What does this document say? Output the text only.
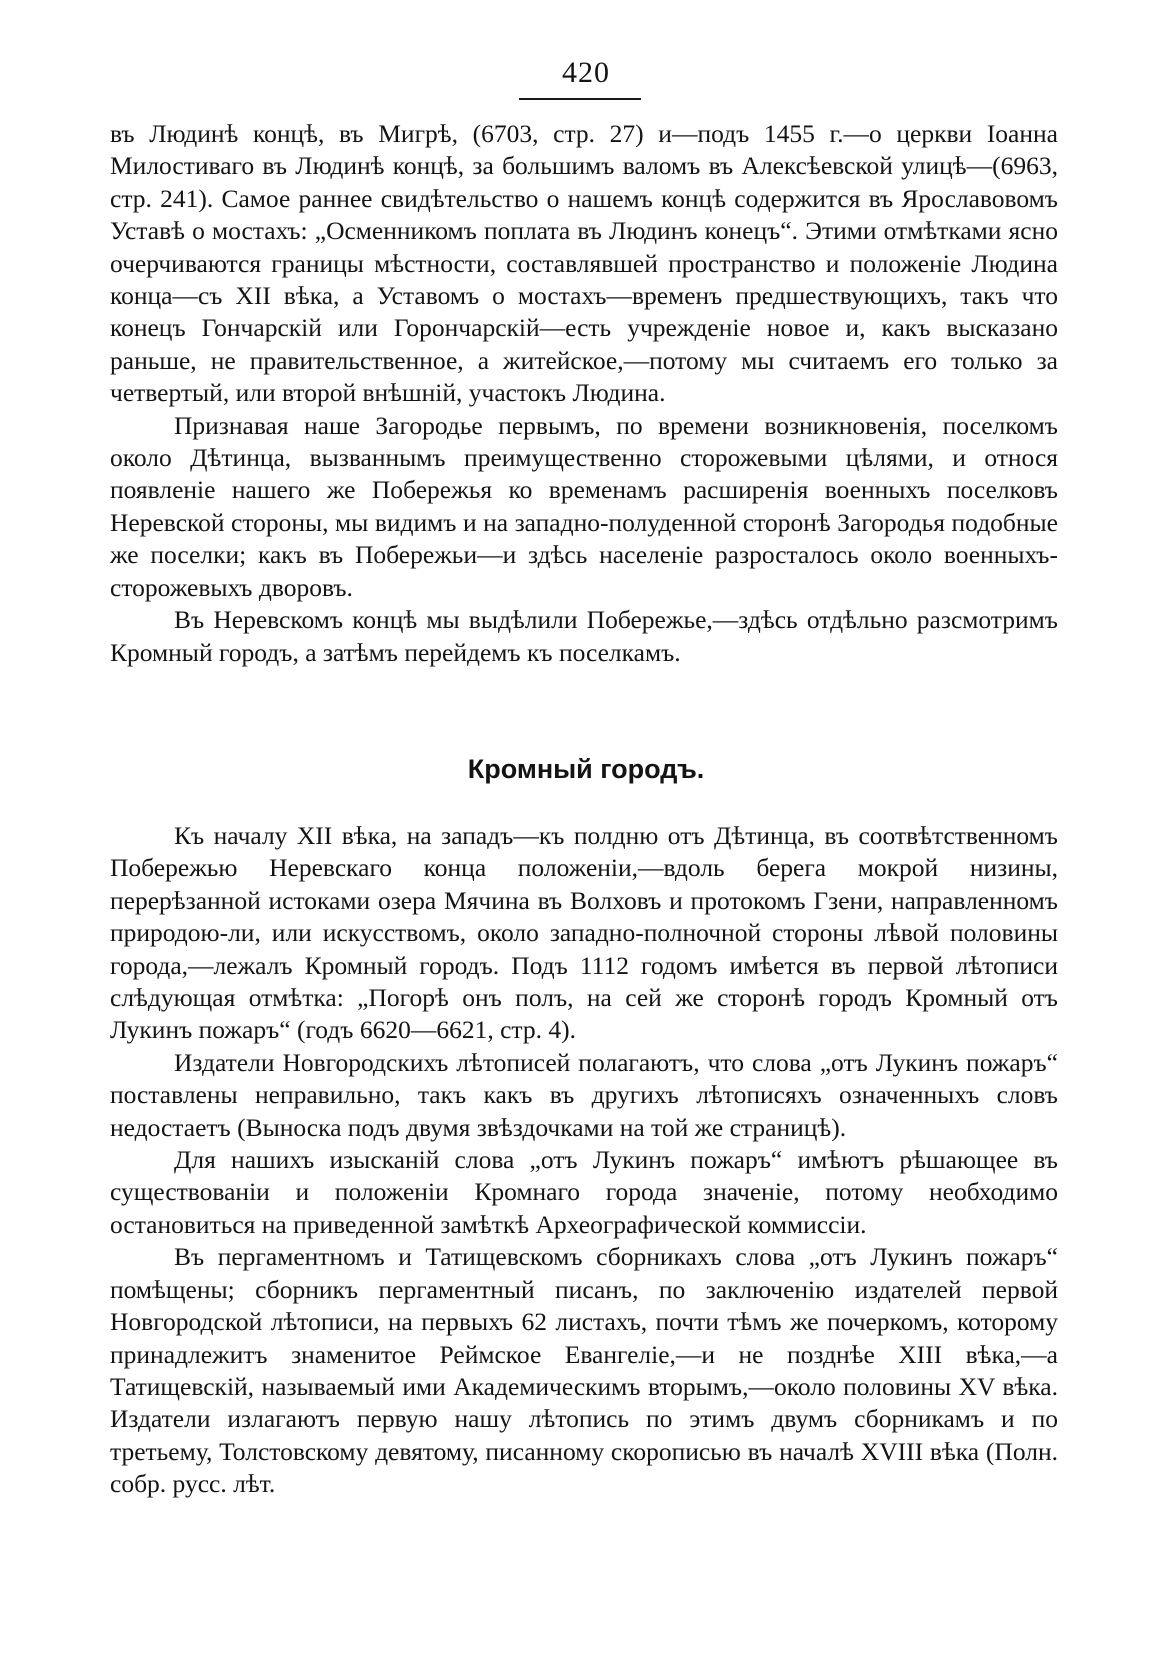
420

въ Людинѣ концѣ, въ Мигрѣ, (6703, стр. 27) и—подъ 1455 г.—о церкви Іоанна Милостиваго въ Людинѣ концѣ, за большимъ валомъ въ Алексѣевской улицѣ—(6963, стр. 241). Самое раннее свидѣтельство о нашемъ концѣ содержится въ Ярославовомъ Уставѣ о мостахъ: „Осменникомъ поплата въ Людинъ конецъ“. Этими отмѣтками ясно очерчиваются границы мѣстности, составлявшей пространство и положеніе Людина конца—съ XII вѣка, а Уставомъ о мостахъ—временъ предшествующихъ, такъ что конецъ Гончарскій или Горончарскій—есть учрежденіе новое и, какъ высказано раньше, не правительственное, а житейское,—потому мы считаемъ его только за четвертый, или второй внѣшній, участокъ Людина.

Признавая наше Загородье первымъ, по времени возникновенія, поселкомъ около Дѣтинца, вызваннымъ преимущественно сторожевыми цѣлями, и относя появленіе нашего же Побережья ко временамъ расширенія военныхъ поселковъ Неревской стороны, мы видимъ и на западно-полуденной сторонѣ Загородья подобные же поселки; какъ въ Побережьи—и здѣсь населеніе разросталось около военныхъ-сторожевыхъ дворовъ.

Въ Неревскомъ концѣ мы выдѣлили Побережье,—здѣсь отдѣльно разсмотримъ Кромный городъ, а затѣмъ перейдемъ къ поселкамъ.

Кромный городъ.

Къ началу XII вѣка, на западъ—къ полдню отъ Дѣтинца, въ соотвѣтственномъ Побережью Неревскаго конца положеніи,—вдоль берега мокрой низины, перерѣзанной истоками озера Мячина въ Волховъ и протокомъ Гзени, направленномъ природою-ли, или искусствомъ, около западно-полночной стороны лѣвой половины города,—лежалъ Кромный городъ. Подъ 1112 годомъ имѣется въ первой лѣтописи слѣдующая отмѣтка: „Погорѣ онъ полъ, на сей же сторонѣ городъ Кромный отъ Лукинъ пожаръ“ (годъ 6620—6621, стр. 4).

Издатели Новгородскихъ лѣтописей полагаютъ, что слова „отъ Лукинъ пожаръ“ поставлены неправильно, такъ какъ въ другихъ лѣтописяхъ означенныхъ словъ недостаетъ (Выноска подъ двумя звѣздочками на той же страницѣ).

Для нашихъ изысканій слова „отъ Лукинъ пожаръ“ имѣютъ рѣшающее въ существованіи и положеніи Кромнаго города значеніе, потому необходимо остановиться на приведенной замѣткѣ Археографической коммиссіи.

Въ пергаментномъ и Татищевскомъ сборникахъ слова „отъ Лукинъ пожаръ“ помѣщены; сборникъ пергаментный писанъ, по заключенію издателей первой Новгородской лѣтописи, на первыхъ 62 листахъ, почти тѣмъ же почеркомъ, которому принадлежитъ знаменитое Реймское Евангеліе,—и не позднѣе XIII вѣка,—а Татищевскій, называемый ими Академическимъ вторымъ,—около половины XV вѣка. Издатели излагаютъ первую нашу лѣтопись по этимъ двумъ сборникамъ и по третьему, Толстовскому девятому, писанному скорописью въ началѣ XVIII вѣка (Полн. собр. русс. лѣт.
